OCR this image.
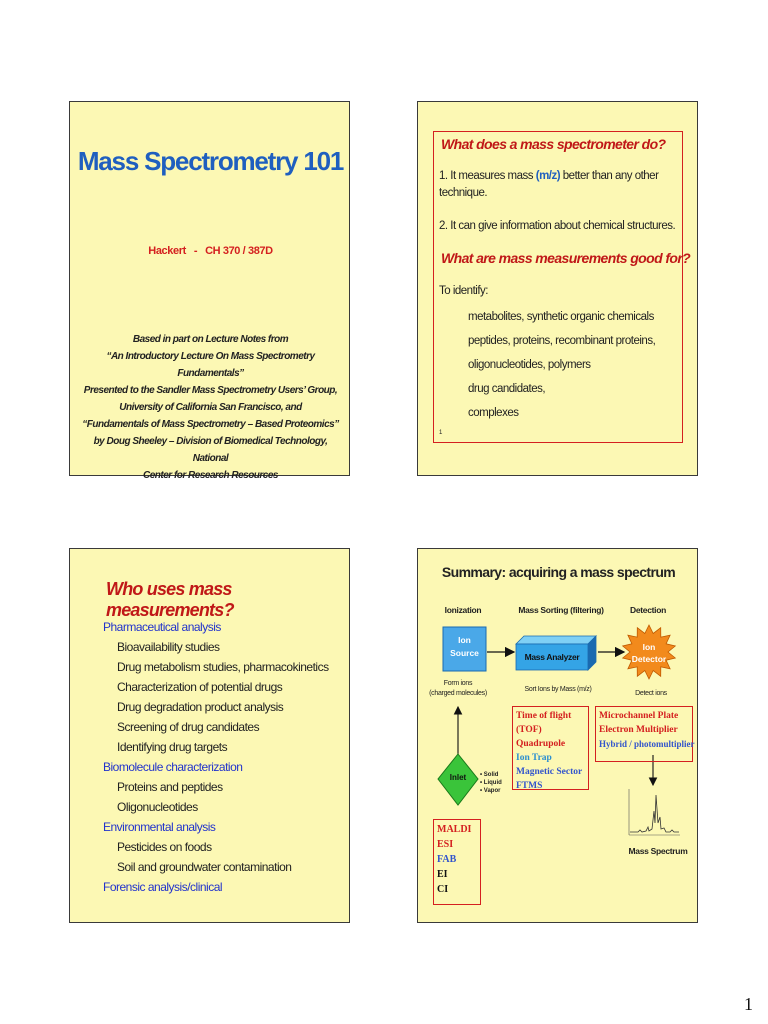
Mass Spectrometry 101
Hackert - CH 370 / 387D
Based in part on Lecture Notes from
“An Introductory Lecture On Mass Spectrometry Fundamentals”
Presented to the Sandler Mass Spectrometry Users’ Group,
University of California San Francisco, and
“Fundamentals of Mass Spectrometry – Based Proteomics”
by Doug Sheeley – Division of Biomedical Technology, National
Center for Research Resources
What does a mass spectrometer do?
1. It measures mass (m/z) better than any other
technique.
2. It can give information about chemical structures.
What are mass measurements good for?
To identify:
metabolites, synthetic organic chemicals
peptides, proteins, recombinant proteins,
oligonucleotides, polymers
drug candidates,
complexes
1
Who uses mass measurements?
Pharmaceutical analysis
Bioavailability studies
Drug metabolism studies, pharmacokinetics
Characterization of potential drugs
Drug degradation product analysis
Screening of drug candidates
Identifying drug targets
Biomolecule characterization
Proteins and peptides
Oligonucleotides
Environmental analysis
Pesticides on foods
Soil and groundwater contamination
Forensic analysis/clinical
Summary: acquiring a mass spectrum
Ionization	Mass Sorting (filtering)	Detection
Ion
Source	Mass Analyzer
Ion
Detector
Form ions
(charged molecules)
Sort Ions by Mass (m/z)
Detect ions
Time of flight (TOF)
Quadrupole
Ion Trap
Magnetic Sector
FTMS
Microchannel Plate
Electron Multiplier
Hybrid / photomultiplier
Inlet	• Solid
• Liquid
• Vapor
MALDI
ESI
FAB
EI
CI
Mass Spectrum
1
